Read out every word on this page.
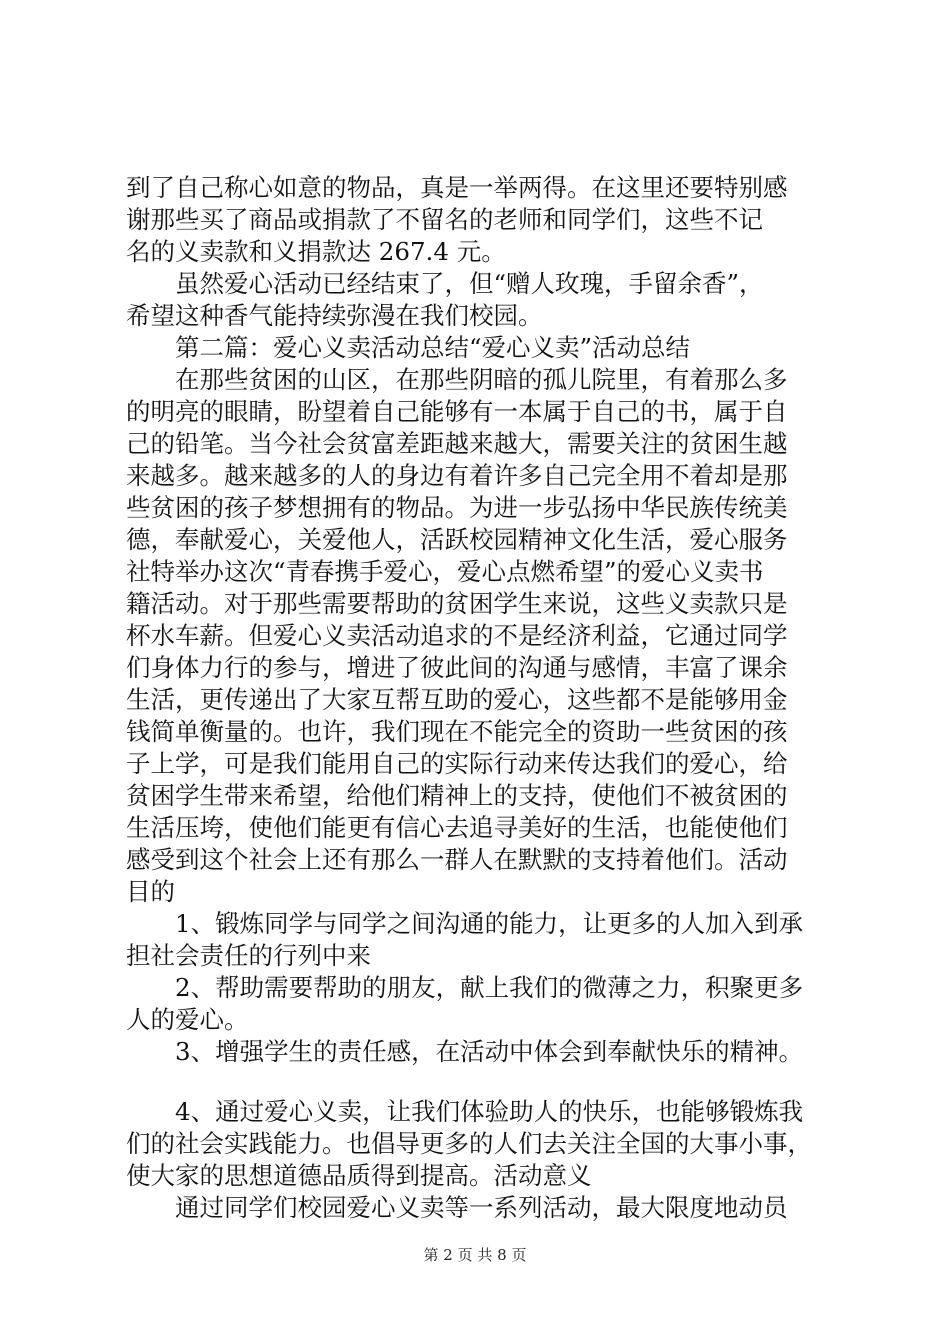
到了自己称心如意的物品，真是一举两得。在这里还要特别感
谢那些买了商品或捐款了不留名的老师和同学们，这些不记
名的义卖款和义捐款达 267.4 元。
　　虽然爱心活动已经结束了，但“赠人玫瑰，手留余香”，
希望这种香气能持续弥漫在我们校园。
　　第二篇：爱心义卖活动总结“爱心义卖”活动总结
　　在那些贫困的山区，在那些阴暗的孤儿院里，有着那么多
的明亮的眼睛，盼望着自己能够有一本属于自己的书，属于自
己的铅笔。当今社会贫富差距越来越大，需要关注的贫困生越
来越多。越来越多的人的身边有着许多自己完全用不着却是那
些贫困的孩子梦想拥有的物品。为进一步弘扬中华民族传统美
德，奉献爱心，关爱他人，活跃校园精神文化生活，爱心服务
社特举办这次“青春携手爱心，爱心点燃希望”的爱心义卖书
籍活动。对于那些需要帮助的贫困学生来说，这些义卖款只是
杯水车薪。但爱心义卖活动追求的不是经济利益，它通过同学
们身体力行的参与，增进了彼此间的沟通与感情，丰富了课余
生活，更传递出了大家互帮互助的爱心，这些都不是能够用金
钱简单衡量的。也许，我们现在不能完全的资助一些贫困的孩
子上学，可是我们能用自己的实际行动来传达我们的爱心，给
贫困学生带来希望，给他们精神上的支持，使他们不被贫困的
生活压垮，使他们能更有信心去追寻美好的生活，也能使他们
感受到这个社会上还有那么一群人在默默的支持着他们。活动
目的
　　1、锻炼同学与同学之间沟通的能力，让更多的人加入到承
担社会责任的行列中来
　　2、帮助需要帮助的朋友，献上我们的微薄之力，积聚更多
人的爱心。
　　3、增强学生的责任感，在活动中体会到奉献快乐的精神。
　　4、通过爱心义卖，让我们体验助人的快乐，也能够锻炼我
们的社会实践能力。也倡导更多的人们去关注全国的大事小事，
使大家的思想道德品质得到提高。活动意义
　　通过同学们校园爱心义卖等一系列活动，最大限度地动员
第 2 页 共 8 页
